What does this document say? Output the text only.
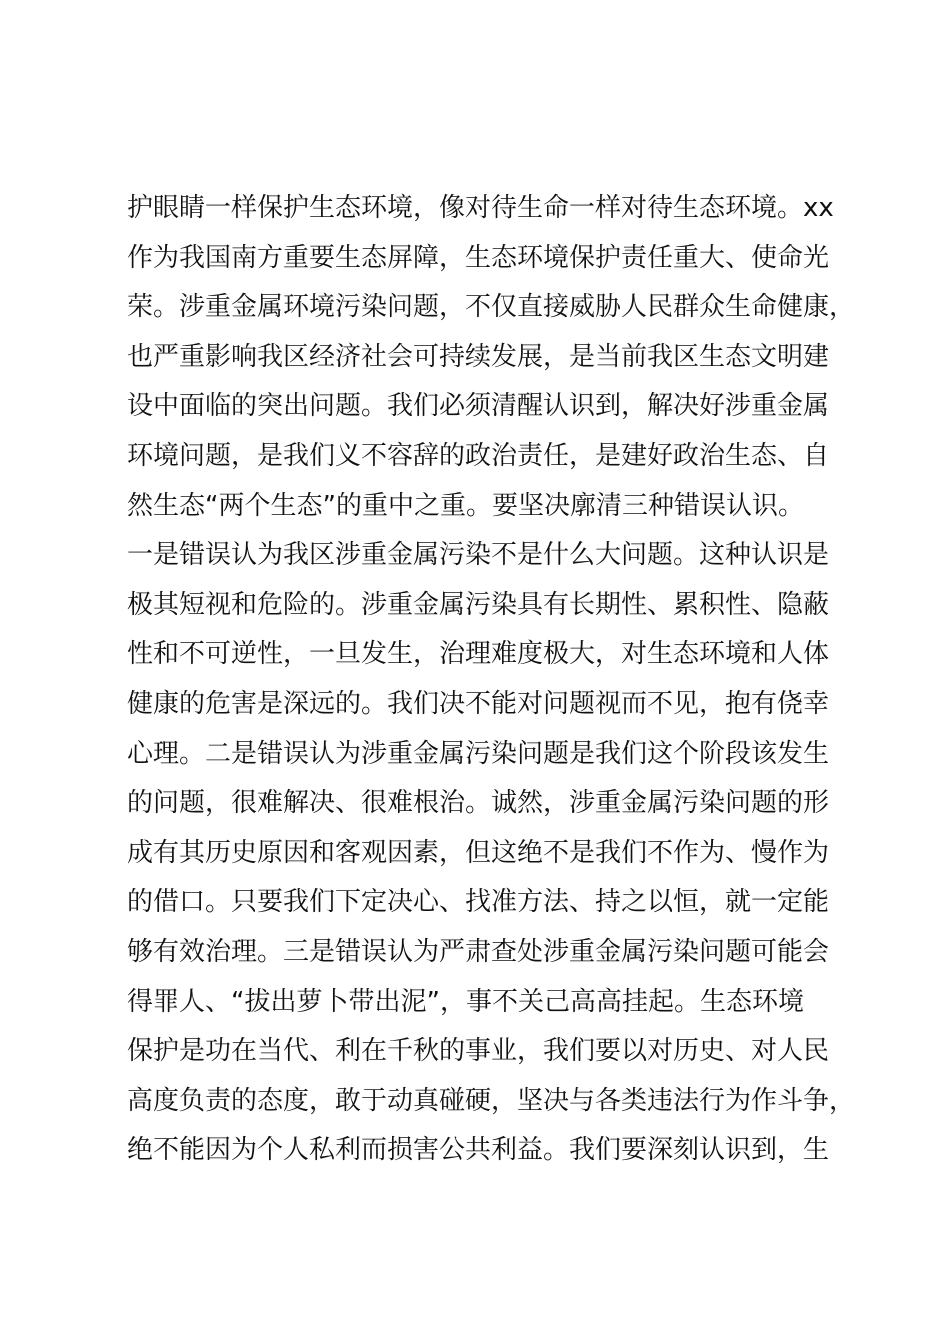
护眼睛一样保护生态环境，像对待生命一样对待生态环境。xx
作为我国南方重要生态屏障，生态环境保护责任重大、使命光
荣。涉重金属环境污染问题，不仅直接威胁人民群众生命健康，
也严重影响我区经济社会可持续发展，是当前我区生态文明建
设中面临的突出问题。我们必须清醒认识到，解决好涉重金属
环境问题，是我们义不容辞的政治责任，是建好政治生态、自
然生态“两个生态”的重中之重。要坚决廓清三种错误认识。
一是错误认为我区涉重金属污染不是什么大问题。这种认识是
极其短视和危险的。涉重金属污染具有长期性、累积性、隐蔽
性和不可逆性，一旦发生，治理难度极大，对生态环境和人体
健康的危害是深远的。我们决不能对问题视而不见，抱有侥幸
心理。二是错误认为涉重金属污染问题是我们这个阶段该发生
的问题，很难解决、很难根治。诚然，涉重金属污染问题的形
成有其历史原因和客观因素，但这绝不是我们不作为、慢作为
的借口。只要我们下定决心、找准方法、持之以恒，就一定能
够有效治理。三是错误认为严肃查处涉重金属污染问题可能会
得罪人、“拔出萝卜带出泥”，事不关己高高挂起。生态环境
保护是功在当代、利在千秋的事业，我们要以对历史、对人民
高度负责的态度，敢于动真碰硬，坚决与各类违法行为作斗争，
绝不能因为个人私利而损害公共利益。我们要深刻认识到，生
